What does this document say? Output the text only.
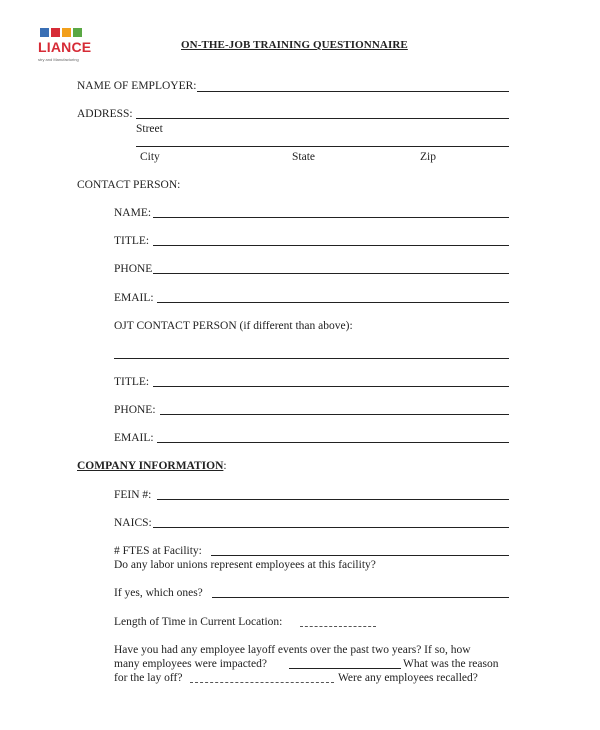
LIANCE
stry and Manufacturing
ON-THE-JOB TRAINING QUESTIONNAIRE
NAME OF EMPLOYER:
ADDRESS:
Street
City	State	Zip
CONTACT PERSON:
NAME:
TITLE:
PHONE
EMAIL:
OJT CONTACT PERSON (if different than above):
TITLE:
PHONE:
EMAIL:
COMPANY INFORMATION:
FEIN #:
NAICS:
# FTES at Facility:
Do any labor unions represent employees at this facility?
If yes, which ones?
Length of Time in Current Location:
Have you had any employee layoff events over the past two years? If so, how
many employees were impacted?	What was the reason
for the lay off?	Were any employees recalled?
